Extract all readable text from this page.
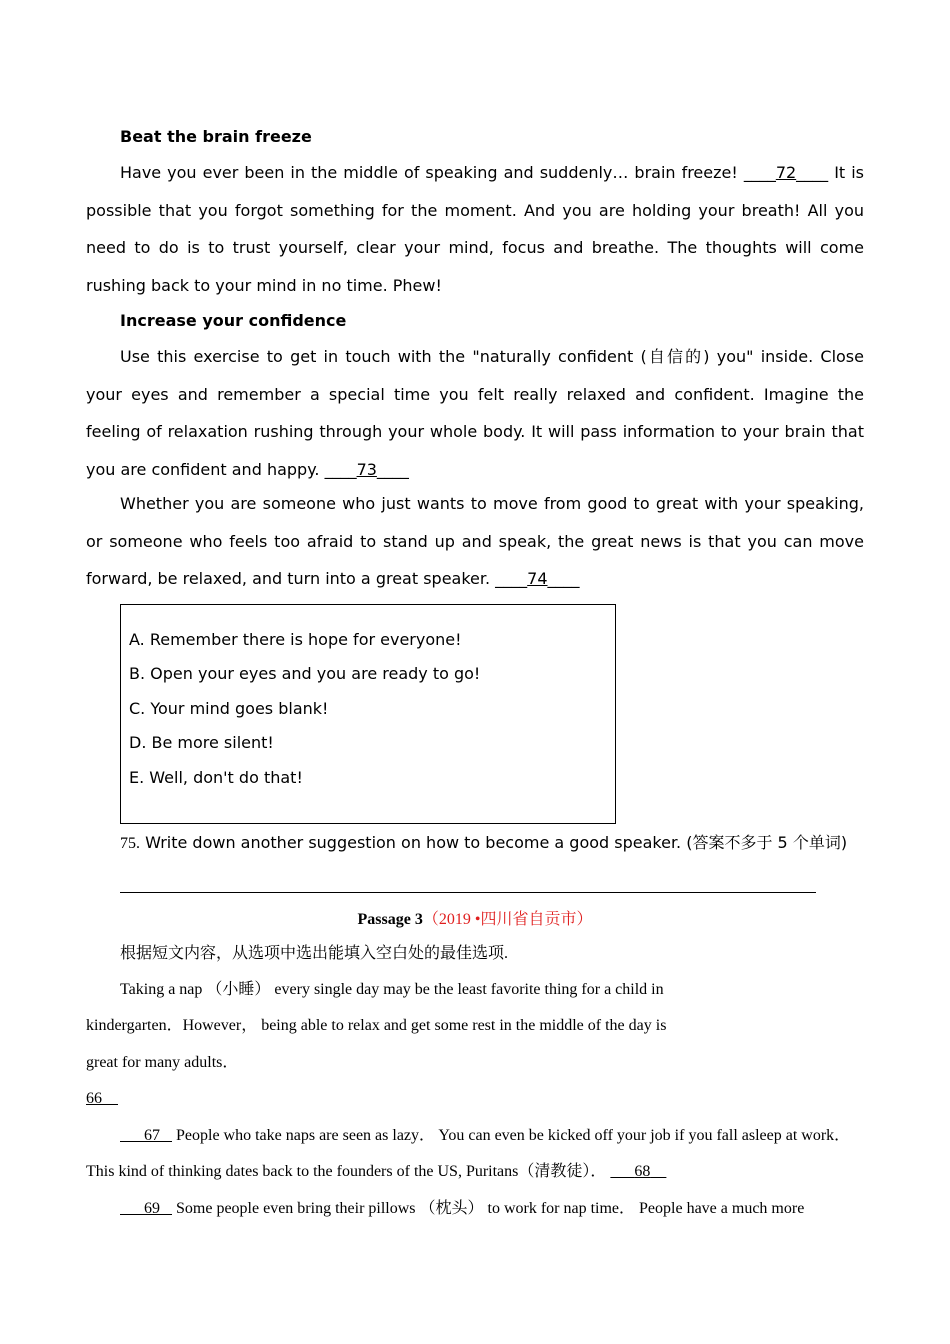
Beat the brain freeze

Have you ever been in the middle of speaking and suddenly… brain freeze! ____72____ It is possible that you forgot something for the moment. And you are holding your breath! All you need to do is to trust yourself, clear your mind, focus and breathe. The thoughts will come rushing back to your mind in no time. Phew!

Increase your confidence

Use this exercise to get in touch with the "naturally confident (自信的) you" inside. Close your eyes and remember a special time you felt really relaxed and confident. Imagine the feeling of relaxation rushing through your whole body. It will pass information to your brain that you are confident and happy. ____73____

Whether you are someone who just wants to move from good to great with your speaking, or someone who feels too afraid to stand up and speak, the great news is that you can move forward, be relaxed, and turn into a great speaker. ____74____

A. Remember there is hope for everyone!
B. Open your eyes and you are ready to go!
C. Your mind goes blank!
D. Be more silent!
E. Well, don't do that!

75. Write down another suggestion on how to become a good speaker. (答案不多于 5 个单词)

Passage 3（2019 •四川省自贡市）

根据短文内容，从选项中选出能填入空白处的最佳选项.

Taking a nap （小睡） every single day may be the least favorite thing for a child in kindergarten．However， being able to relax and get some rest in the middle of the day is great for many adults．

66

67    People who take naps are seen as lazy． You can even be kicked off your job if you fall asleep at work． This kind of thinking dates back to the founders of the US, Puritans（清教徒）． 68

69    Some people even bring their pillows （枕头） to work for nap time． People have a much more
